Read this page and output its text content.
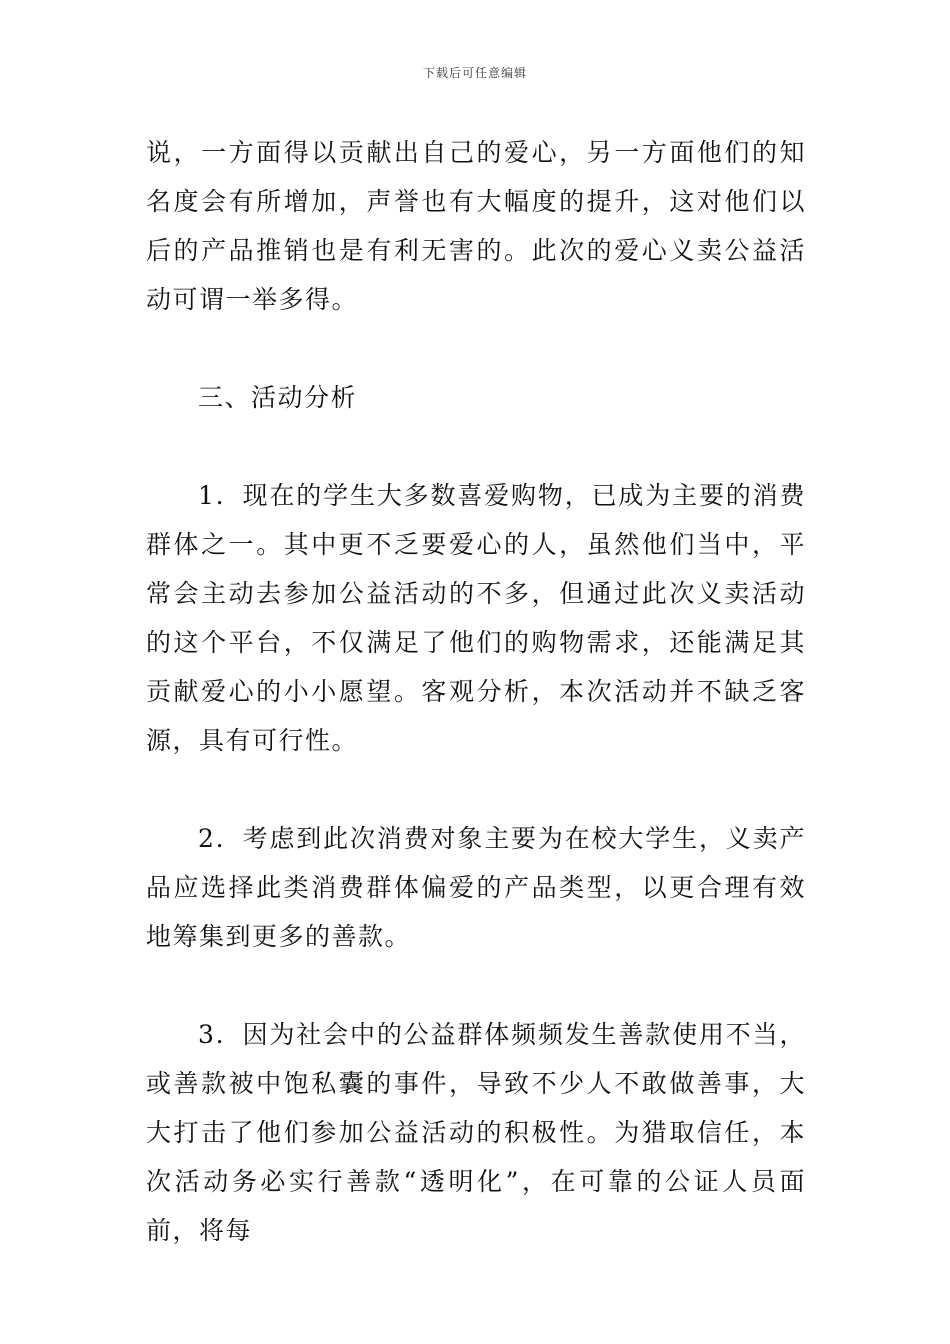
下载后可任意编辑

说，一方面得以贡献出自己的爱心，另一方面他们的知名度会有所增加，声誉也有大幅度的提升，这对他们以后的产品推销也是有利无害的。此次的爱心义卖公益活动可谓一举多得。

三、活动分析

1．现在的学生大多数喜爱购物，已成为主要的消费群体之一。其中更不乏要爱心的人，虽然他们当中，平常会主动去参加公益活动的不多，但通过此次义卖活动的这个平台，不仅满足了他们的购物需求，还能满足其贡献爱心的小小愿望。客观分析，本次活动并不缺乏客源，具有可行性。

2．考虑到此次消费对象主要为在校大学生，义卖产品应选择此类消费群体偏爱的产品类型，以更合理有效地筹集到更多的善款。

3．因为社会中的公益群体频频发生善款使用不当，或善款被中饱私囊的事件，导致不少人不敢做善事，大大打击了他们参加公益活动的积极性。为猎取信任，本次活动务必实行善款“透明化”，在可靠的公证人员面前，将每
